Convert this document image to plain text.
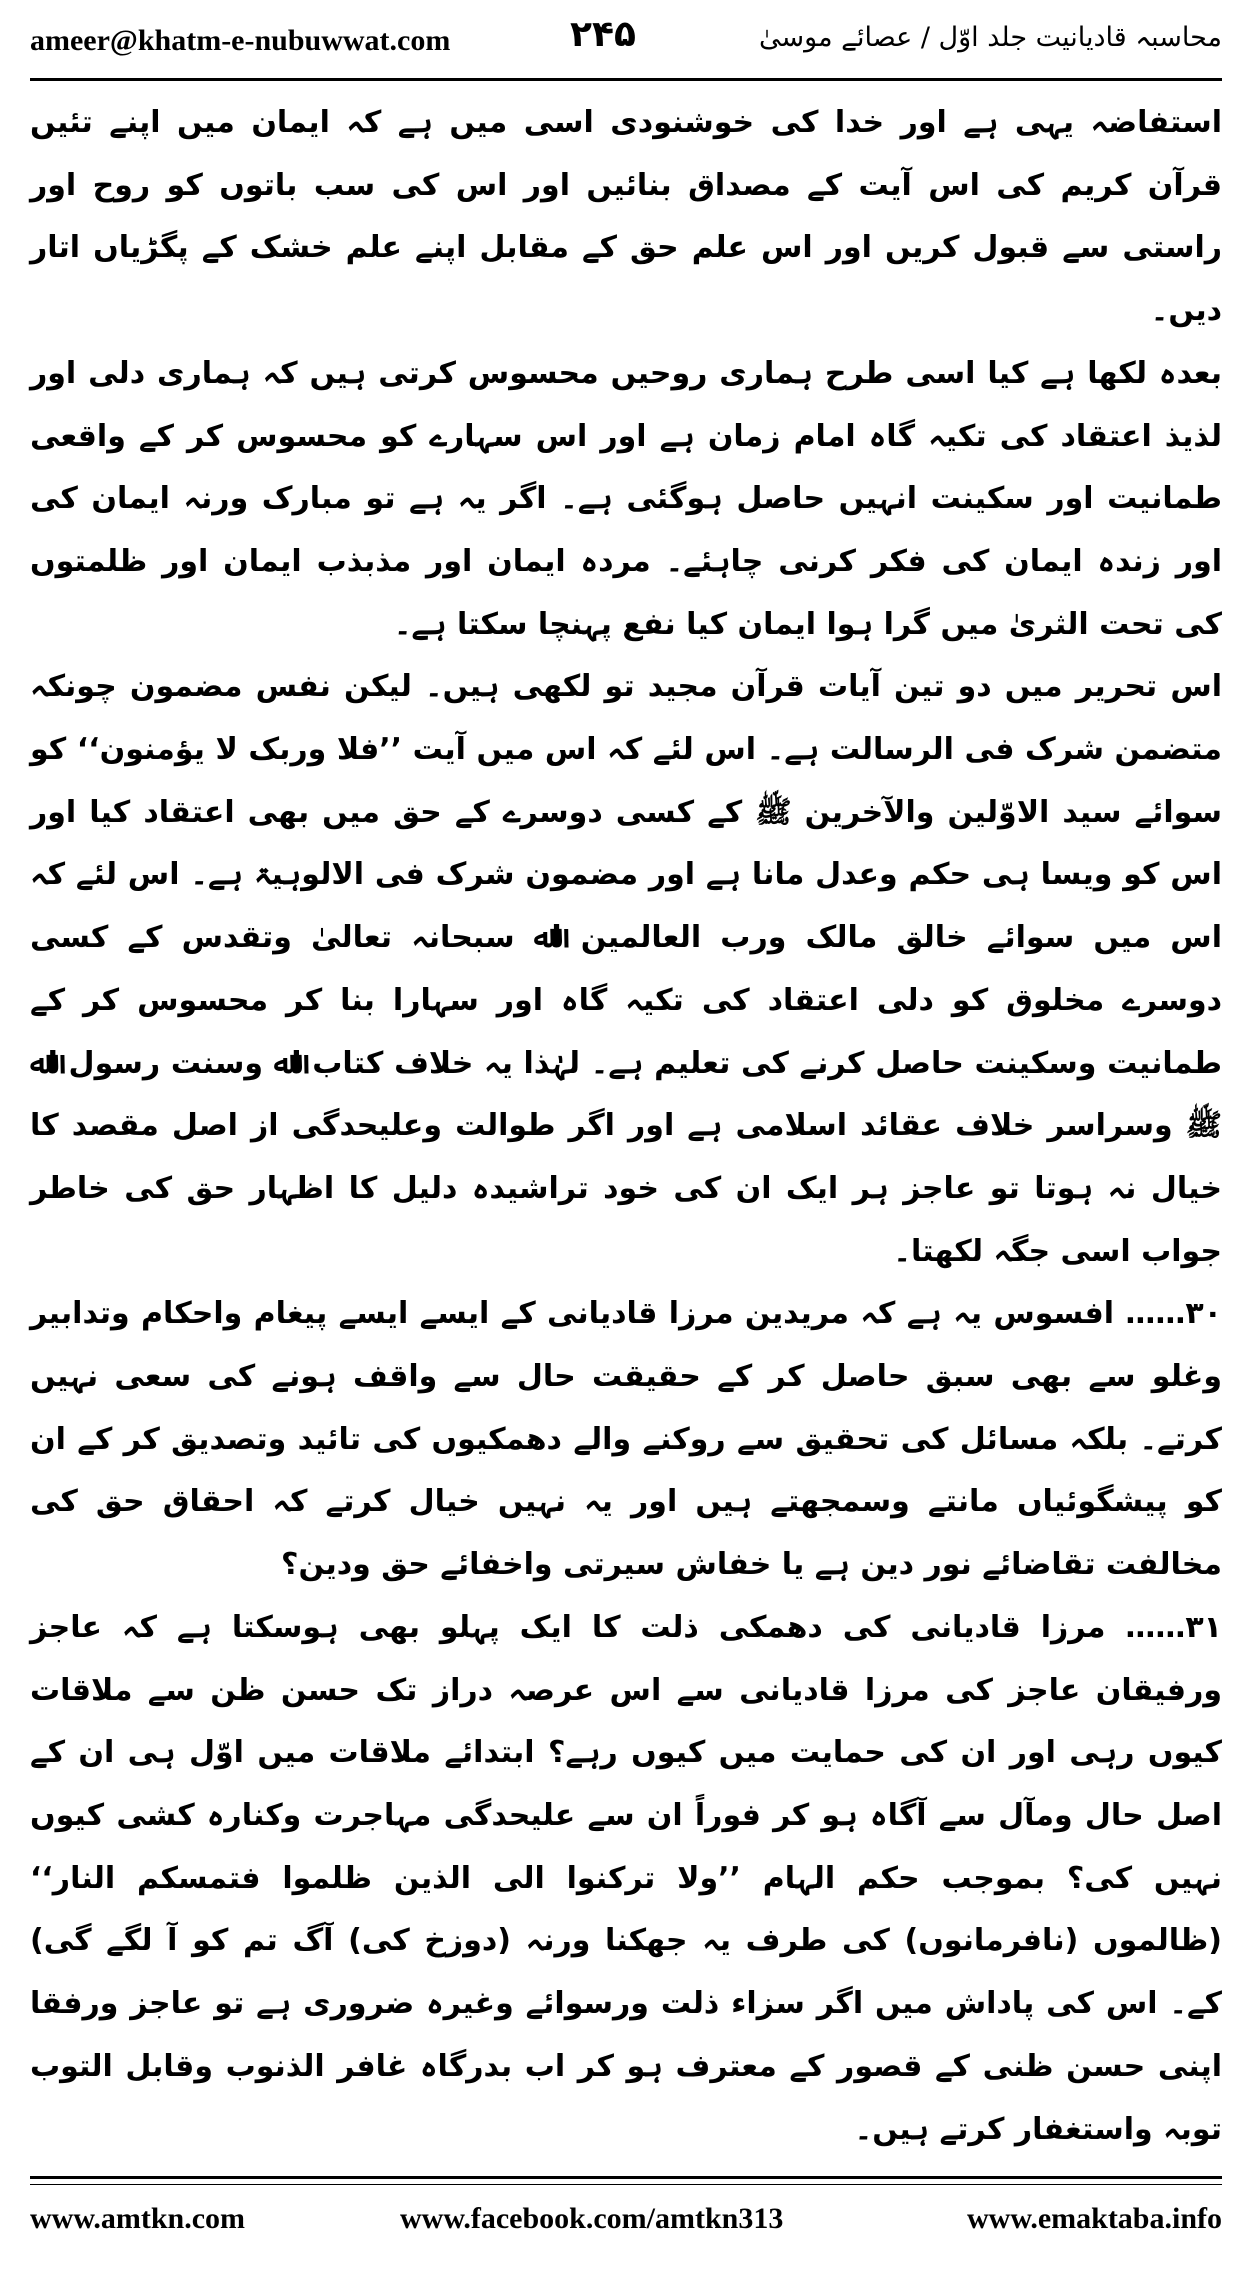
ameer@khatm-e-nubuwwat.com	۲۴۵	محاسبہ قادیانیت جلد اوّل / عصائے موسیٰ

استفاضہ یہی ہے اور خدا کی خوشنودی اسی میں ہے کہ ایمان میں اپنے تئیں قرآن کریم کی اس آیت کے مصداق بنائیں اور اس کی سب باتوں کو روح اور راستی سے قبول کریں اور اس علم حق کے مقابل اپنے علم خشک کے پگڑیاں اتار دیں۔

بعدہ لکھا ہے کیا اسی طرح ہماری روحیں محسوس کرتی ہیں کہ ہماری دلی اور لذیذ اعتقاد کی تکیہ گاہ امام زمان ہے اور اس سہارے کو محسوس کر کے واقعی طمانیت اور سکینت انہیں حاصل ہوگئی ہے۔ اگر یہ ہے تو مبارک ورنہ ایمان کی اور زندہ ایمان کی فکر کرنی چاہئے۔ مردہ ایمان اور مذبذب ایمان اور ظلمتوں کی تحت الثریٰ میں گرا ہوا ایمان کیا نفع پہنچا سکتا ہے۔

اس تحریر میں دو تین آیات قرآن مجید تو لکھی ہیں۔ لیکن نفس مضمون چونکہ متضمن شرک فی الرسالت ہے۔ اس لئے کہ اس میں آیت ’’فلا وربک لا یؤمنون‘‘ کو سوائے سید الاوّلین والآخرین ﷺ کے کسی دوسرے کے حق میں بھی اعتقاد کیا اور اس کو ویسا ہی حکم وعدل مانا ہے اور مضمون شرک فی الالوہیۃ ہے۔ اس لئے کہ اس میں سوائے خالق مالک ورب العالمین اﷲ سبحانہ تعالیٰ وتقدس کے کسی دوسرے مخلوق کو دلی اعتقاد کی تکیہ گاہ اور سہارا بنا کر محسوس کر کے طمانیت وسکینت حاصل کرنے کی تعلیم ہے۔ لہٰذا یہ خلاف کتاب اﷲ وسنت رسول اﷲ ﷺ وسراسر خلاف عقائد اسلامی ہے اور اگر طوالت وعلیحدگی از اصل مقصد کا خیال نہ ہوتا تو عاجز ہر ایک ان کی خود تراشیدہ دلیل کا اظہار حق کی خاطر جواب اسی جگہ لکھتا۔

۳۰…… افسوس یہ ہے کہ مریدین مرزا قادیانی کے ایسے ایسے پیغام واحکام وتدابیر وغلو سے بھی سبق حاصل کر کے حقیقت حال سے واقف ہونے کی سعی نہیں کرتے۔ بلکہ مسائل کی تحقیق سے روکنے والے دھمکیوں کی تائید وتصدیق کر کے ان کو پیشگوئیاں مانتے وسمجھتے ہیں اور یہ نہیں خیال کرتے کہ احقاق حق کی مخالفت تقاضائے نور دین ہے یا خفاش سیرتی واخفائے حق ودین؟

۳۱…… مرزا قادیانی کی دھمکی ذلت کا ایک پہلو بھی ہوسکتا ہے کہ عاجز ورفیقان عاجز کی مرزا قادیانی سے اس عرصہ دراز تک حسن ظن سے ملاقات کیوں رہی اور ان کی حمایت میں کیوں رہے؟ ابتدائے ملاقات میں اوّل ہی ان کے اصل حال ومآل سے آگاہ ہو کر فوراً ان سے علیحدگی مہاجرت وکنارہ کشی کیوں نہیں کی؟ بموجب حکم الہام ’’ولا ترکنوا الی الذین ظلموا فتمسکم النار‘‘ (ظالموں (نافرمانوں) کی طرف یہ جھکنا ورنہ (دوزخ کی) آگ تم کو آ لگے گی) کے۔ اس کی پاداش میں اگر سزاء ذلت ورسوائے وغیرہ ضروری ہے تو عاجز ورفقا اپنی حسن ظنی کے قصور کے معترف ہو کر اب بدرگاہ غافر الذنوب وقابل التوب توبہ واستغفار کرتے ہیں۔

www.amtkn.com	www.facebook.com/amtkn313	www.emaktaba.info
